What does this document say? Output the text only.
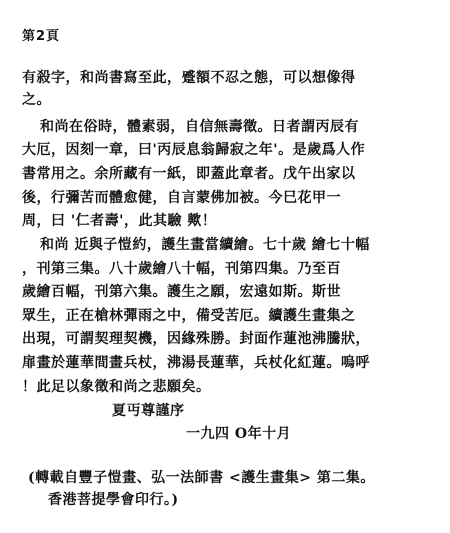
第2頁
有殺字，和尚書寫至此，蹙額不忍之態，可以想像得
之。
和尚在俗時，體素弱，自信無壽徵。日者謂丙辰有
大厄，因刻一章，曰'丙辰息翁歸寂之年'。是歲爲人作
書常用之。余所藏有一紙，即蓋此章者。戊午出家以
後，行彌苦而體愈健，自言蒙佛加被。今巳花甲一
周，曰 '仁者壽'，此其驗 歟！
和尚 近與子愷約，護生畫當續繪。七十歲 繪七十幅
，刊第三集。八十歲繪八十幅，刊第四集。乃至百
歲繪百幅，刊第六集。護生之願，宏遠如斯。斯世
眾生，正在槍林彈雨之中，備受苦厄。續護生畫集之
出現，可謂契理契機，因緣殊勝。封面作蓮池沸騰狀，
扉畫於蓮華間畫兵杖，沸湯長蓮華，兵杖化紅蓮。嗚呼
！此足以象徵和尚之悲願矣。
夏丏尊謹序
一九四 O年十月
(轉載自豐子愷畫、弘一法師書 <護生畫集> 第二集。
香港菩提學會印行。)
